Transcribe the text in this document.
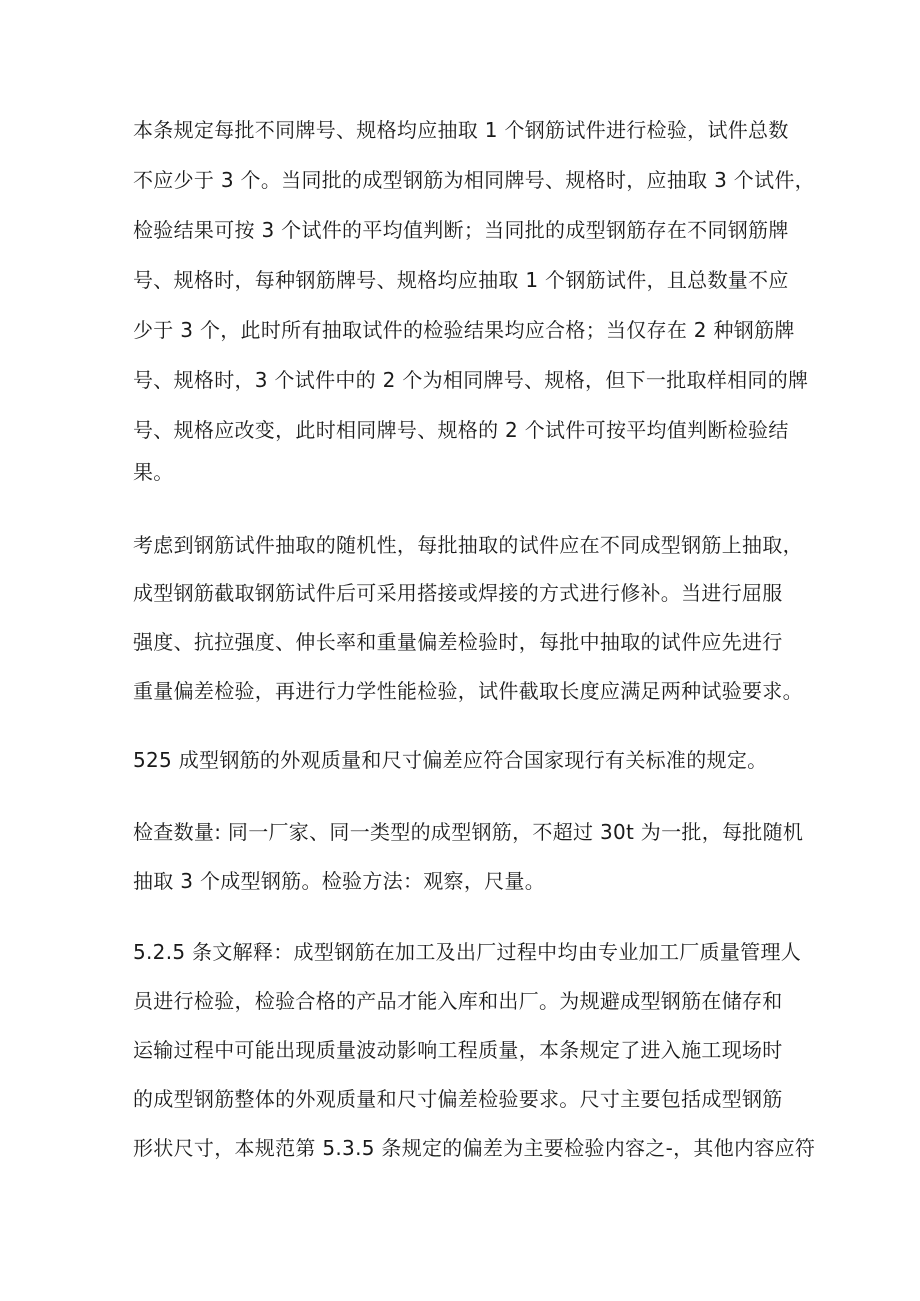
本条规定每批不同牌号、规格均应抽取 1 个钢筋试件进行检验，试件总数
不应少于 3 个。当同批的成型钢筋为相同牌号、规格时，应抽取 3 个试件，
检验结果可按 3 个试件的平均值判断；当同批的成型钢筋存在不同钢筋牌
号、规格时，每种钢筋牌号、规格均应抽取 1 个钢筋试件，且总数量不应
少于 3 个，此时所有抽取试件的检验结果均应合格；当仅存在 2 种钢筋牌
号、规格时，3 个试件中的 2 个为相同牌号、规格，但下一批取样相同的牌
号、规格应改变，此时相同牌号、规格的 2 个试件可按平均值判断检验结
果。
考虑到钢筋试件抽取的随机性，每批抽取的试件应在不同成型钢筋上抽取，
成型钢筋截取钢筋试件后可采用搭接或焊接的方式进行修补。当进行屈服
强度、抗拉强度、伸长率和重量偏差检验时，每批中抽取的试件应先进行
重量偏差检验，再进行力学性能检验，试件截取长度应满足两种试验要求。
525 成型钢筋的外观质量和尺寸偏差应符合国家现行有关标准的规定。
检查数量: 同一厂家、同一类型的成型钢筋，不超过 30t 为一批，每批随机
抽取 3 个成型钢筋。检验方法：观察，尺量。
5.2.5 条文解释：成型钢筋在加工及出厂过程中均由专业加工厂质量管理人
员进行检验，检验合格的产品才能入库和出厂。为规避成型钢筋在储存和
运输过程中可能出现质量波动影响工程质量，本条规定了进入施工现场时
的成型钢筋整体的外观质量和尺寸偏差检验要求。尺寸主要包括成型钢筋
形状尺寸，本规范第 5.3.5 条规定的偏差为主要检验内容之-，其他内容应符
